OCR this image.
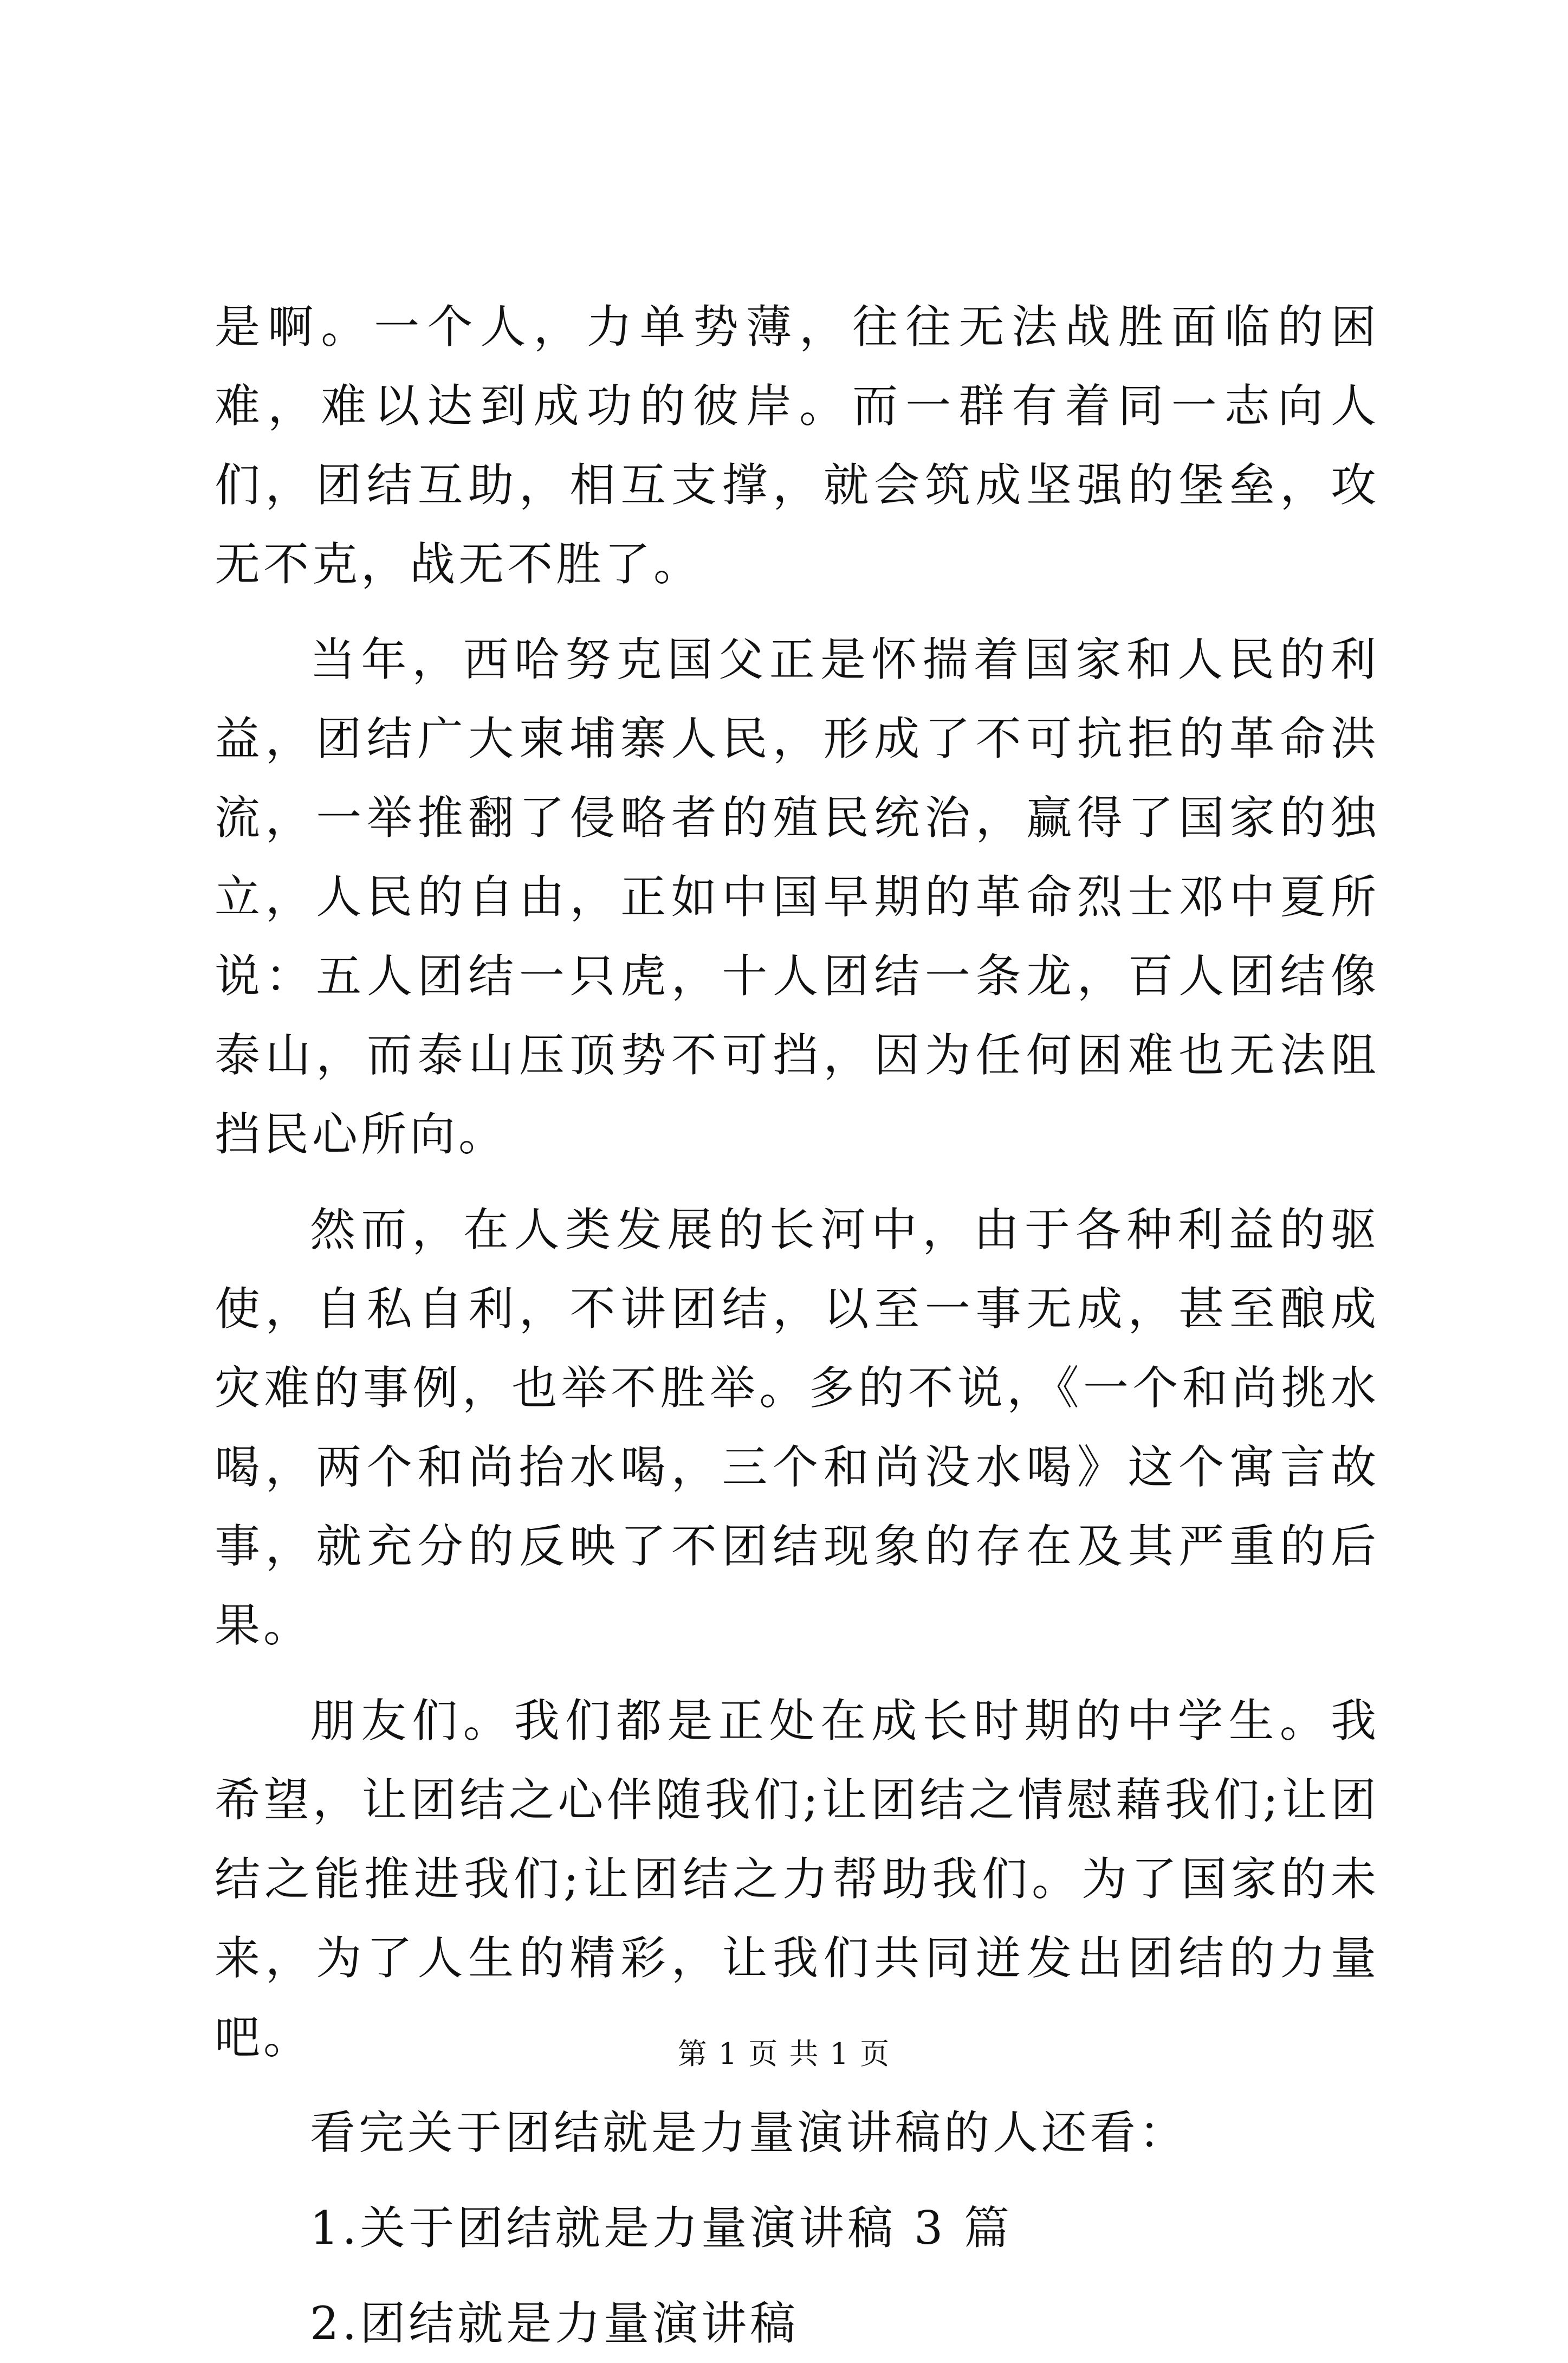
是啊。一个人，力单势薄，往往无法战胜面临的困难，难以达到成功的彼岸。而一群有着同一志向人们，团结互助，相互支撑，就会筑成坚强的堡垒，攻无不克，战无不胜了。

当年，西哈努克国父正是怀揣着国家和人民的利益，团结广大柬埔寨人民，形成了不可抗拒的革命洪流，一举推翻了侵略者的殖民统治，赢得了国家的独立，人民的自由，正如中国早期的革命烈士邓中夏所说：五人团结一只虎，十人团结一条龙，百人团结像泰山，而泰山压顶势不可挡，因为任何困难也无法阻挡民心所向。

然而，在人类发展的长河中，由于各种利益的驱使，自私自利，不讲团结，以至一事无成，甚至酿成灾难的事例，也举不胜举。多的不说，《一个和尚挑水喝，两个和尚抬水喝，三个和尚没水喝》这个寓言故事，就充分的反映了不团结现象的存在及其严重的后果。

朋友们。我们都是正处在成长时期的中学生。我希望，让团结之心伴随我们;让团结之情慰藉我们;让团结之能推进我们;让团结之力帮助我们。为了国家的未来，为了人生的精彩，让我们共同迸发出团结的力量吧。

看完关于团结就是力量演讲稿的人还看：

1.关于团结就是力量演讲稿 3 篇

2.团结就是力量演讲稿

第 1 页 共 1 页
